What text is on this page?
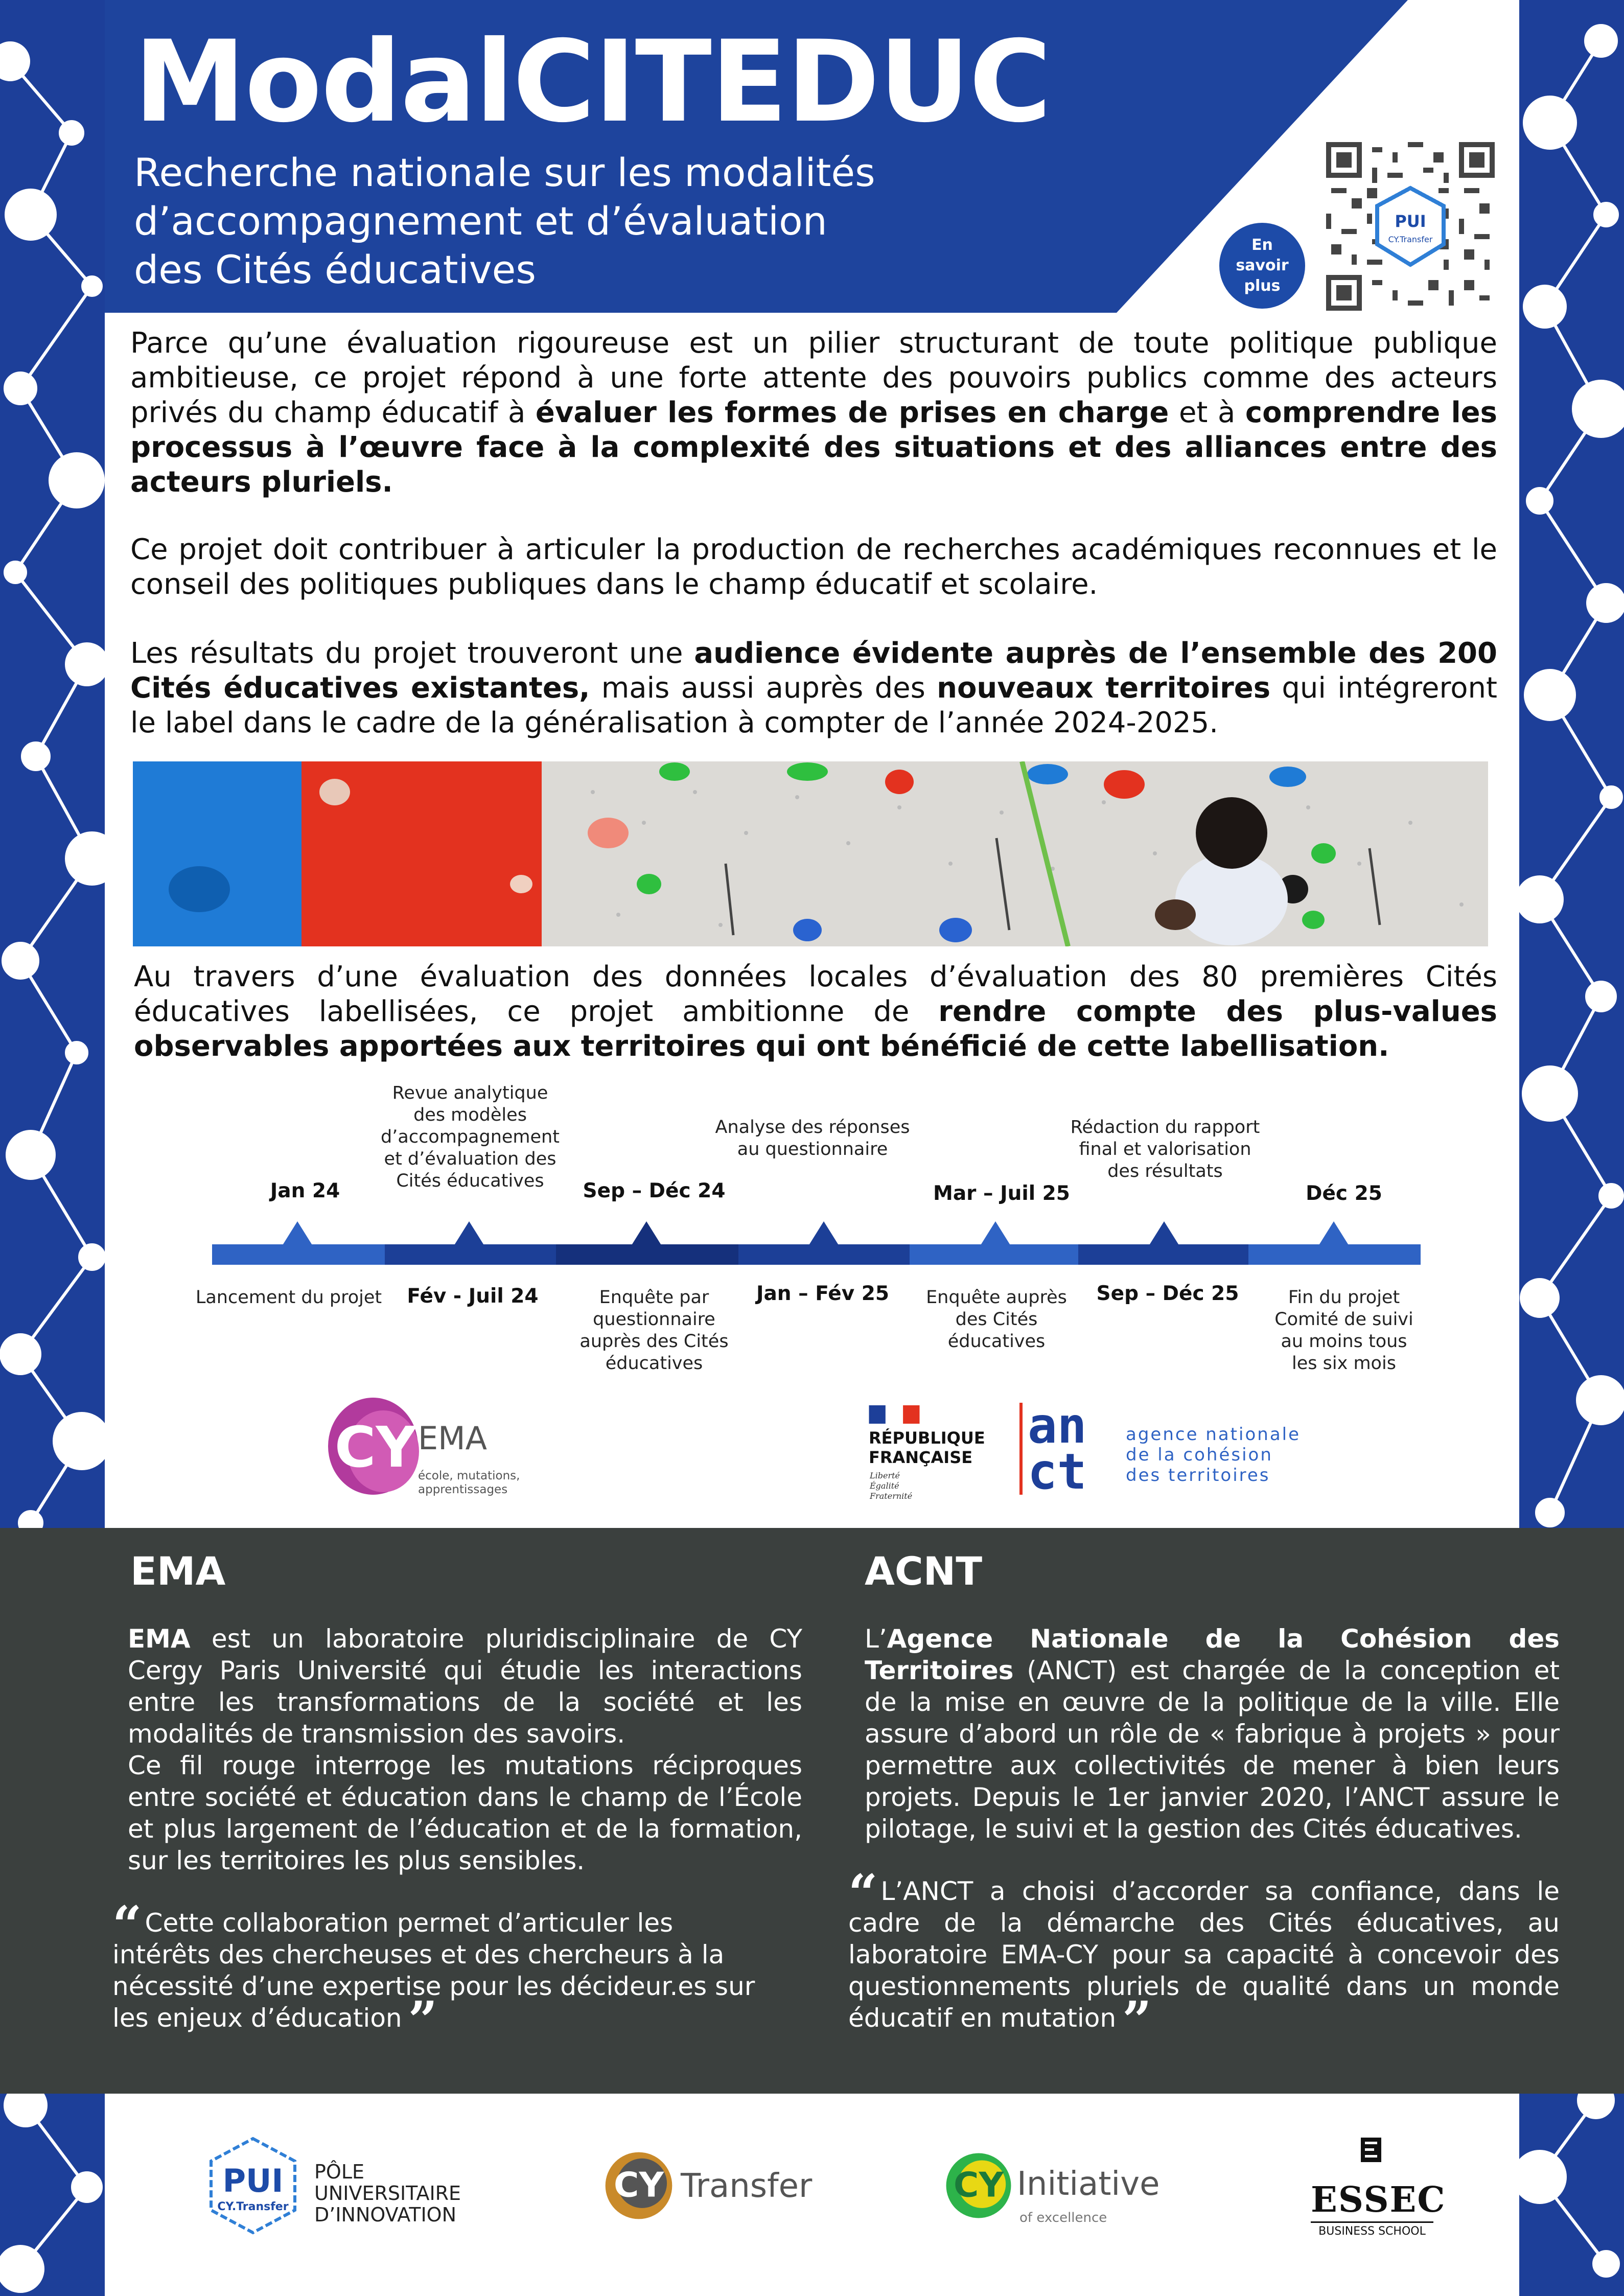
ModalCITEDUC
Recherche nationale sur les modalités
d’accompagnement et d’évaluation
des Cités éducatives
En
savoir
plus
PUI
CY.Transfer

Parce qu’une évaluation rigoureuse est un pilier structurant de toute politique publique ambitieuse, ce projet répond à une forte attente des pouvoirs publics comme des acteurs privés du champ éducatif à évaluer les formes de prises en charge et à comprendre les processus à l’œuvre face à la complexité des situations et des alliances entre des acteurs pluriels.

Ce projet doit contribuer à articuler la production de recherches académiques reconnues et le conseil des politiques publiques dans le champ éducatif et scolaire.

Les résultats du projet trouveront une audience évidente auprès de l’ensemble des 200 Cités éducatives existantes, mais aussi auprès des nouveaux territoires qui intégreront le label dans le cadre de la généralisation à compter de l’année 2024-2025.

Au travers d’une évaluation des données locales d’évaluation des 80 premières Cités éducatives labellisées, ce projet ambitionne de rendre compte des plus-values observables apportées aux territoires qui ont bénéficié de cette labellisation.

Jan 24	Sep – Déc 24	Mar – Juil 25	Déc 25
Revue analytique
des modèles
d’accompagnement
et d’évaluation des
Cités éducatives
Analyse des réponses
au questionnaire
Rédaction du rapport
final et valorisation
des résultats
Fév - Juil 24	Jan – Fév 25	Sep – Déc 25
Lancement du projet	Enquête par
questionnaire
auprès des Cités
éducatives
Enquête auprès
des Cités
éducatives
Fin du projet
Comité de suivi
au moins tous
les six mois
CY EMA
école, mutations,
apprentissages
RÉPUBLIQUE
FRANÇAISE
Liberté
Égalité
Fraternité
an
ct
agence nationale
de la cohésion
des territoires
EMA

EMA est un laboratoire pluridisciplinaire de CY Cergy Paris Université qui étudie les interactions entre les transformations de la société et les modalités de transmission des savoirs.
Ce fil rouge interroge les mutations réciproques entre société et éducation dans le champ de l’École et plus largement de l’éducation et de la formation, sur les territoires les plus sensibles.

“ Cette collaboration permet d’articuler les intérêts des chercheuses et des chercheurs à la nécessité d’une expertise pour les décideur.es sur les enjeux d’éducation ”

ACNT

L’Agence Nationale de la Cohésion des Territoires (ANCT) est chargée de la conception et de la mise en œuvre de la politique de la ville. Elle assure d’abord un rôle de « fabrique à projets » pour permettre aux collectivités de mener à bien leurs projets. Depuis le 1er janvier 2020, l’ANCT assure le pilotage, le suivi et la gestion des Cités éducatives.

“ L’ANCT a choisi d’accorder sa confiance, dans le cadre de la démarche des Cités éducatives, au laboratoire EMA-CY pour sa capacité à concevoir des questionnements pluriels de qualité dans un monde éducatif en mutation ”

PUI
CY.Transfer
PÔLE
UNIVERSITAIRE
D’INNOVATION
CY Transfer	CY Initiative
of excellence	ESSEC
BUSINESS SCHOOL
